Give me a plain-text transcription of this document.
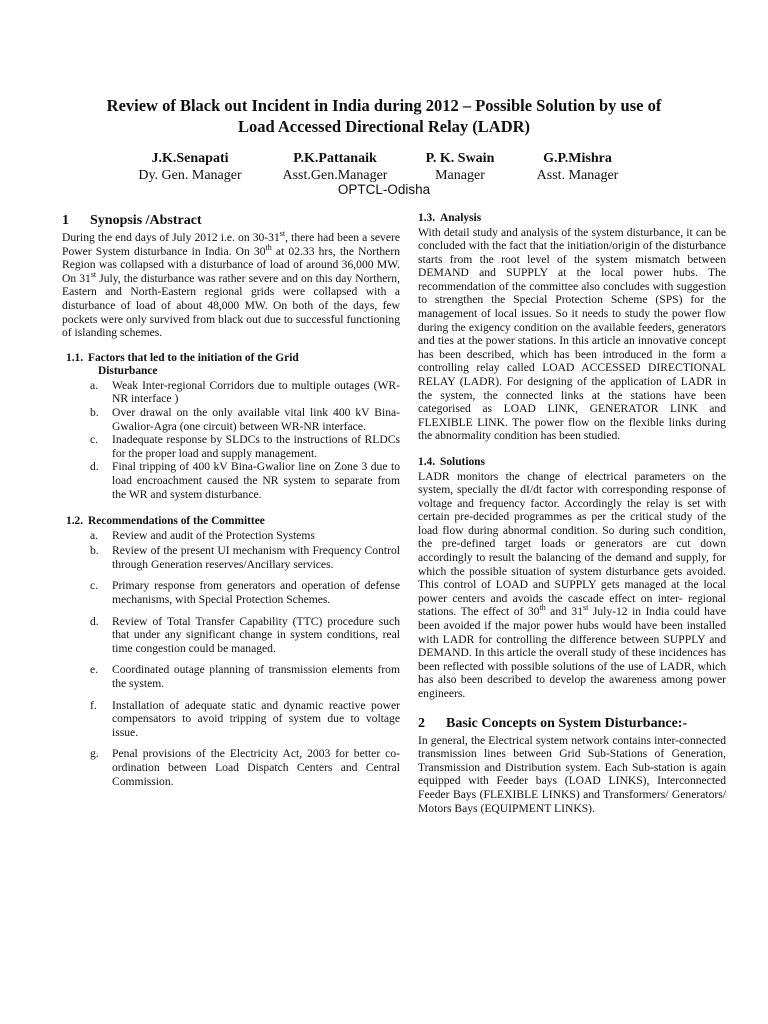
Review of Black out Incident in India during 2012 – Possible Solution by use of
Load Accessed Directional Relay (LADR)
J.K.Senapati
Dy. Gen. Manager
P.K.Pattanaik
Asst.Gen.Manager
P. K. Swain
Manager
G.P.Mishra
Asst. Manager
OPTCL-Odisha
1 Synopsis /Abstract

During the end days of July 2012 i.e. on 30-31st, there had been a severe Power System disturbance in India. On 30th at 02.33 hrs, the Northern Region was collapsed with a disturbance of load of around 36,000 MW. On 31st July, the disturbance was rather severe and on this day Northern, Eastern and North-Eastern regional grids were collapsed with a disturbance of load of about 48,000 MW. On both of the days, few pockets were only survived from black out due to successful functioning of islanding schemes.

1.1. Factors that led to the initiation of the Grid
Disturbance
a. Weak Inter-regional Corridors due to multiple outages (WR-NR interface )
b. Over drawal on the only available vital link 400 kV Bina-Gwalior-Agra (one circuit) between WR-NR interface.
c. Inadequate response by SLDCs to the instructions of RLDCs for the proper load and supply management.
d. Final tripping of 400 kV Bina-Gwalior line on Zone 3 due to load encroachment caused the NR system to separate from the WR and system disturbance.
1.2. Recommendations of the Committee
a. Review and audit of the Protection Systems
b. Review of the present UI mechanism with Frequency Control through Generation reserves/Ancillary services.
c. Primary response from generators and operation of defense mechanisms, with Special Protection Schemes.
d. Review of Total Transfer Capability (TTC) procedure such that under any significant change in system conditions, real time congestion could be managed.
e. Coordinated outage planning of transmission elements from the system.
f. Installation of adequate static and dynamic reactive power compensators to avoid tripping of system due to voltage issue.
g. Penal provisions of the Electricity Act, 2003 for better co-ordination between Load Dispatch Centers and Central Commission.
1.3. Analysis

With detail study and analysis of the system disturbance, it can be concluded with the fact that the initiation/origin of the disturbance starts from the root level of the system mismatch between DEMAND and SUPPLY at the local power hubs. The recommendation of the committee also concludes with suggestion to strengthen the Special Protection Scheme (SPS) for the management of local issues. So it needs to study the power flow during the exigency condition on the available feeders, generators and ties at the power stations. In this article an innovative concept has been described, which has been introduced in the form a controlling relay called LOAD ACCESSED DIRECTIONAL RELAY (LADR). For designing of the application of LADR in the system, the connected links at the stations have been categorised as LOAD LINK, GENERATOR LINK and FLEXIBLE LINK. The power flow on the flexible links during the abnormality condition has been studied.

1.4. Solutions

LADR monitors the change of electrical parameters on the system, specially the dI/dt factor with corresponding response of voltage and frequency factor. Accordingly the relay is set with certain pre-decided programmes as per the critical study of the load flow during abnormal condition. So during such condition, the pre-defined target loads or generators are cut down accordingly to result the balancing of the demand and supply, for which the possible situation of system disturbance gets avoided. This control of LOAD and SUPPLY gets managed at the local power centers and avoids the cascade effect on inter- regional stations. The effect of 30th and 31st July-12 in India could have been avoided if the major power hubs would have been installed with LADR for controlling the difference between SUPPLY and DEMAND. In this article the overall study of these incidences has been reflected with possible solutions of the use of LADR, which has also been described to develop the awareness among power engineers.

2 Basic Concepts on System Disturbance:-

In general, the Electrical system network contains inter-connected transmission lines between Grid Sub-Stations of Generation, Transmission and Distribution system. Each Sub-station is again equipped with Feeder bays (LOAD LINKS), Interconnected Feeder Bays (FLEXIBLE LINKS) and Transformers/ Generators/ Motors Bays (EQUIPMENT LINKS).
